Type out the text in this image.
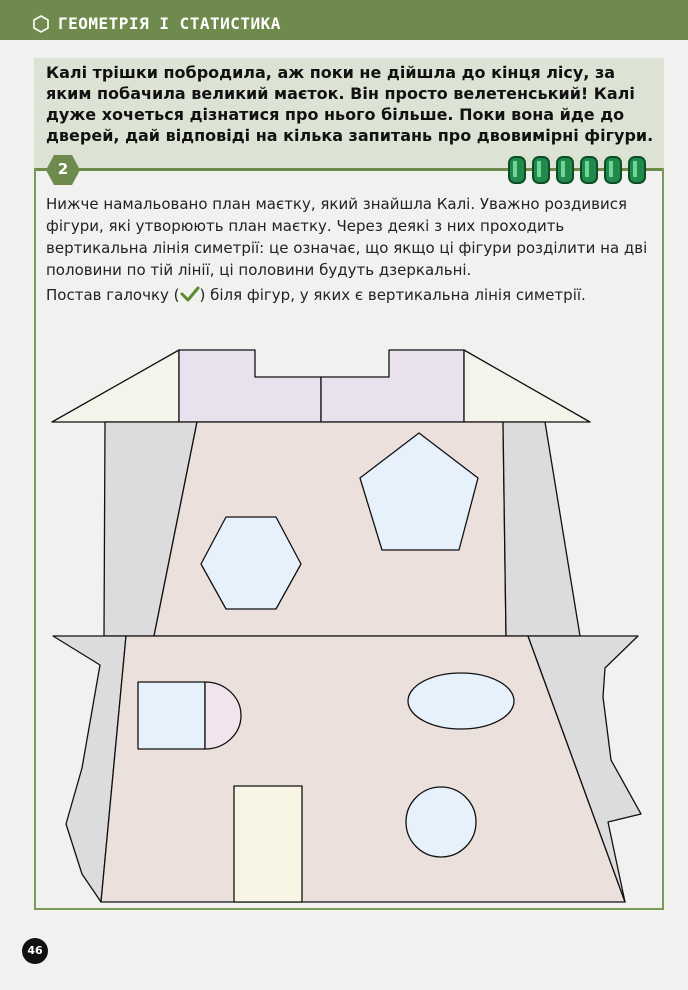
ГЕОМЕТРІЯ І СТАТИСТИКА
Калі трішки побродила, аж поки не дійшла до кінця лісу, за яким побачила великий маєток. Він просто велетенський! Калі дуже хочеться дізнатися про нього більше. Поки вона йде до дверей, дай відповіді на кілька запитань про двовимірні фігури.
2
Нижче намальовано план маєтку, який знайшла Калі. Уважно роздивися фігури, які утворюють план маєтку. Через деякі з них проходить вертикальна лінія симетрії: це означає, що якщо ці фігури розділити на дві половини по тій лінії, ці половини будуть дзеркальні.
Постав галочку ( ) біля фігур, у яких є вертикальна лінія симетрії.
46
